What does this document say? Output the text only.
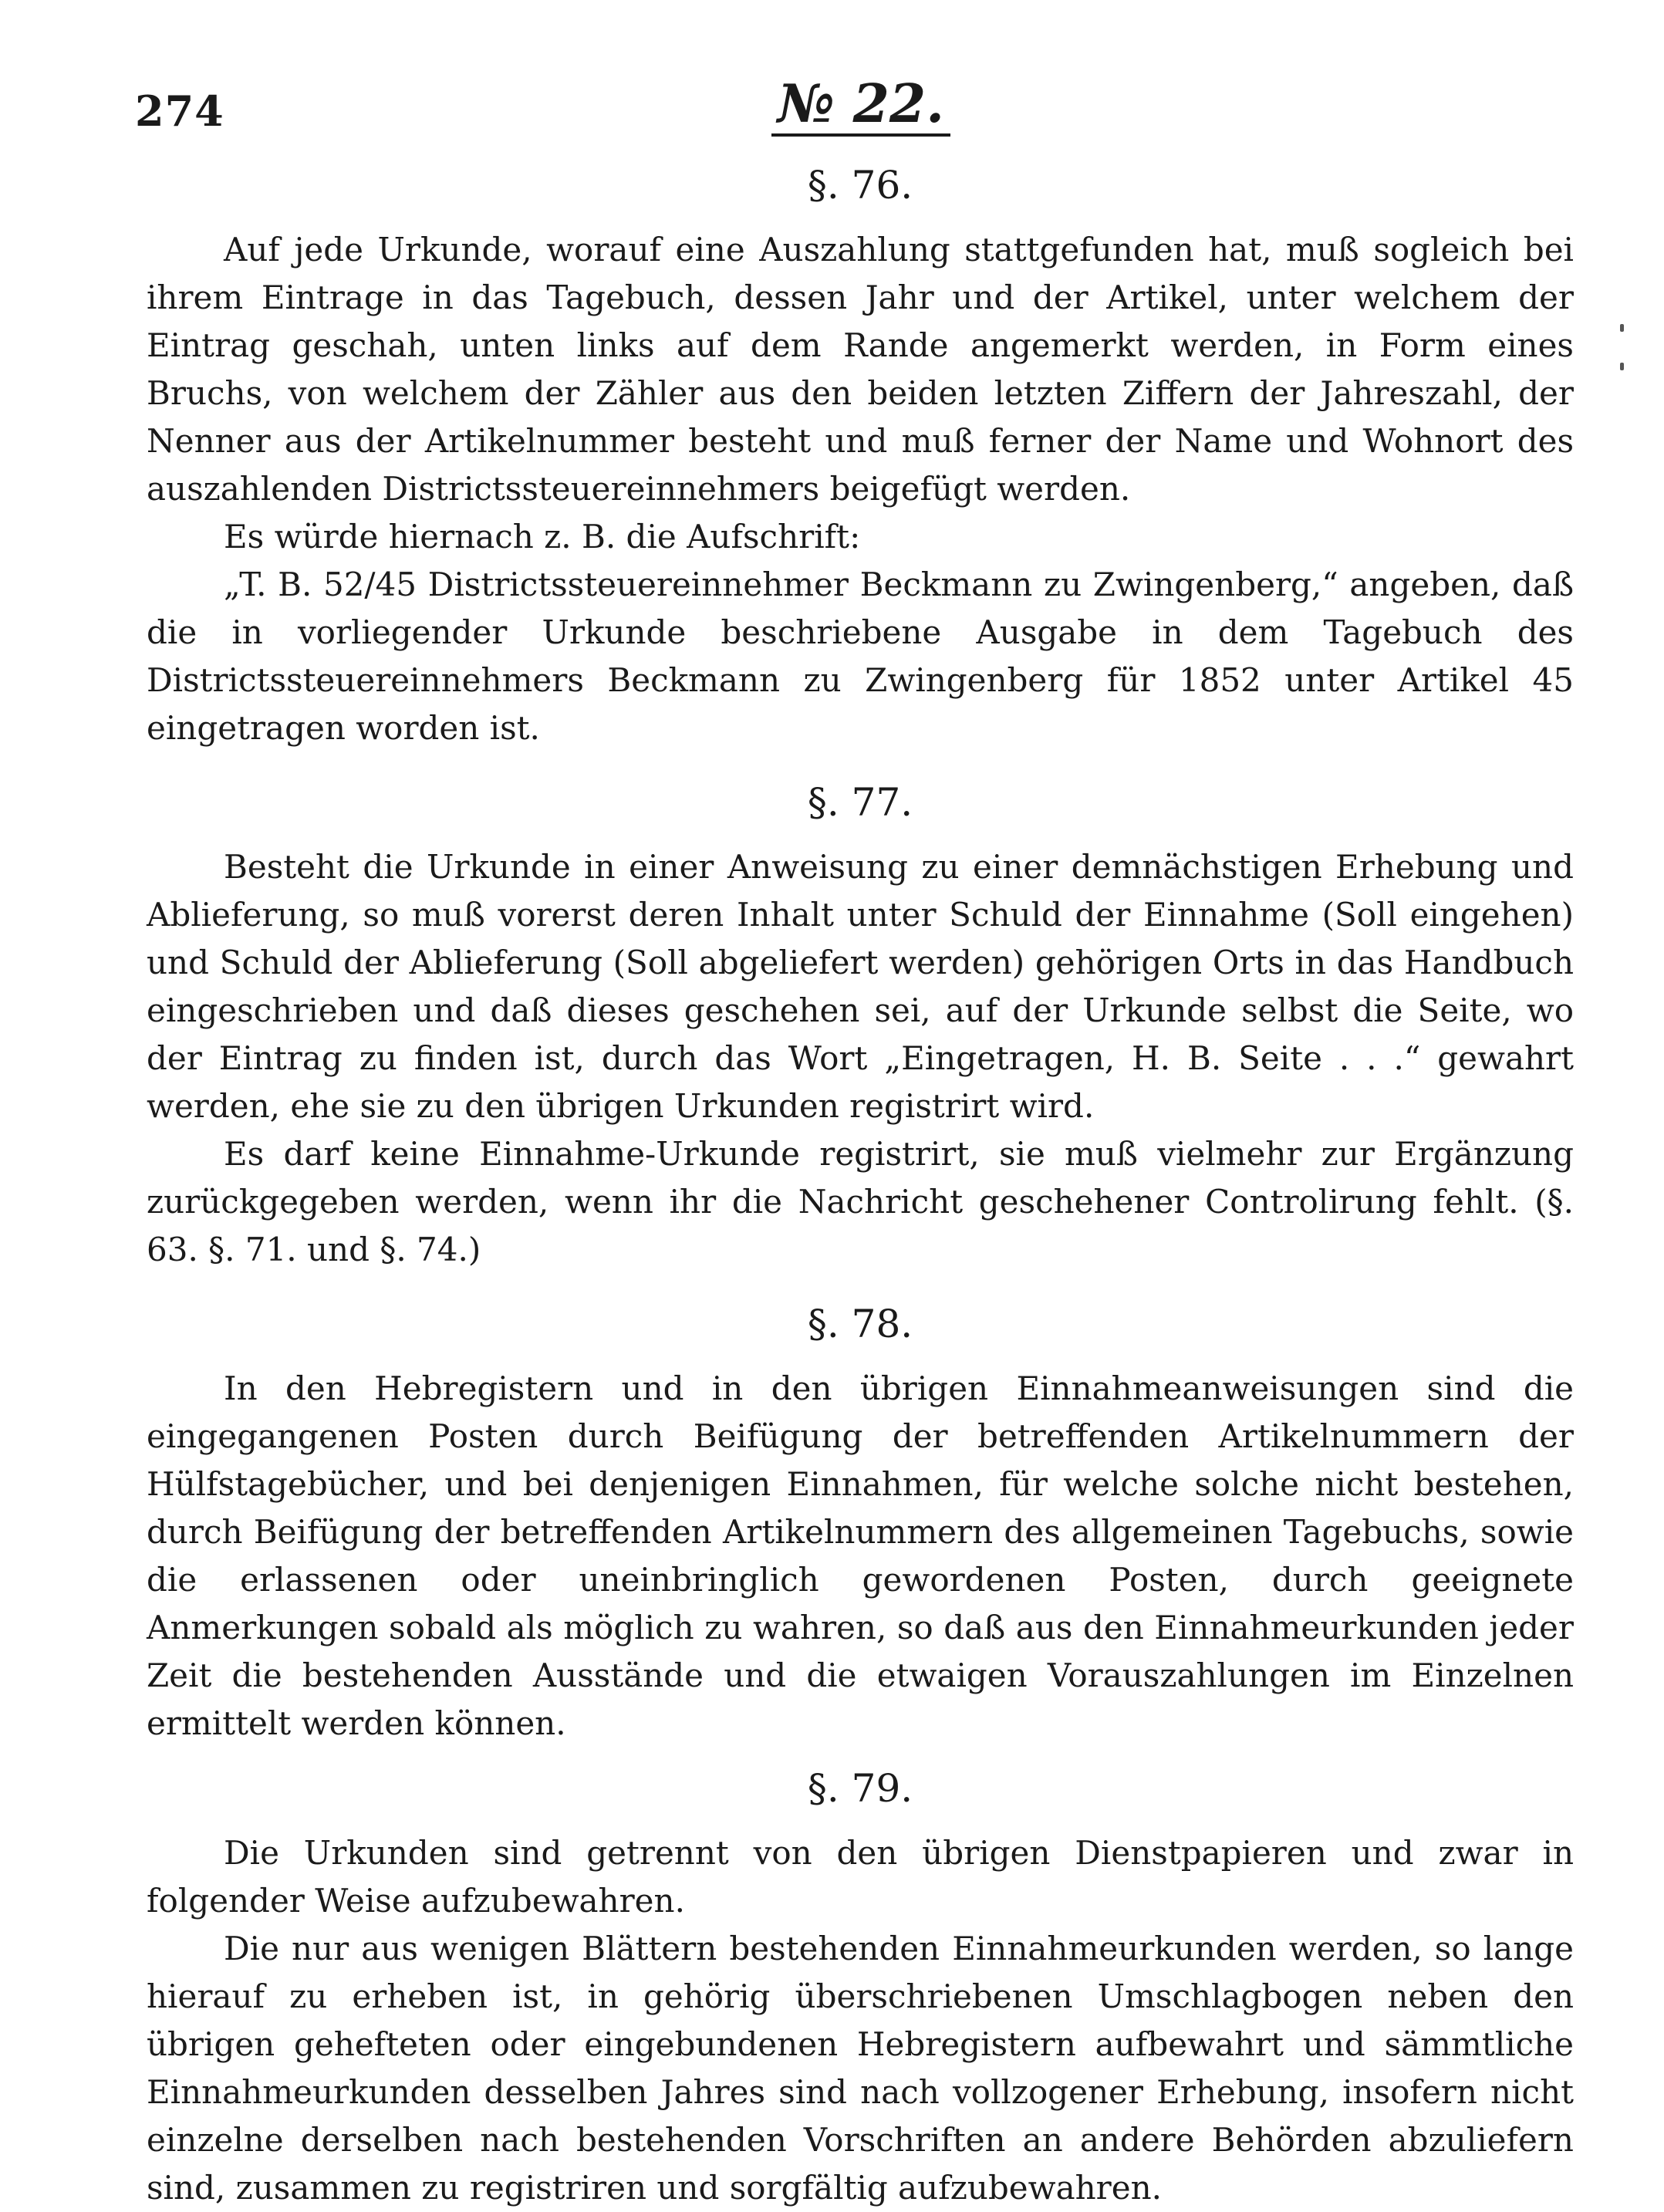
274	№ 22.
§. 76.

Auf jede Urkunde, worauf eine Auszahlung stattgefunden hat, muß sogleich bei ihrem Eintrage in das Tagebuch, dessen Jahr und der Artikel, unter welchem der Eintrag geschah, unten links auf dem Rande angemerkt werden, in Form eines Bruchs, von welchem der Zähler aus den beiden letzten Ziffern der Jahreszahl, der Nenner aus der Artikelnummer besteht und muß ferner der Name und Wohnort des auszahlenden Districtssteuereinnehmers beigefügt werden.

Es würde hiernach z. B. die Aufschrift:

„T. B. 52/45 Districtssteuereinnehmer Beckmann zu Zwingenberg,“ angeben, daß die in vorliegender Urkunde beschriebene Ausgabe in dem Tagebuch des Districtssteuereinnehmers Beckmann zu Zwingenberg für 1852 unter Artikel 45 eingetragen worden ist.

§. 77.

Besteht die Urkunde in einer Anweisung zu einer demnächstigen Erhebung und Ablieferung, so muß vorerst deren Inhalt unter Schuld der Einnahme (Soll eingehen) und Schuld der Ablieferung (Soll abgeliefert werden) gehörigen Orts in das Handbuch eingeschrieben und daß dieses geschehen sei, auf der Urkunde selbst die Seite, wo der Eintrag zu finden ist, durch das Wort „Eingetragen, H. B. Seite . . .“ gewahrt werden, ehe sie zu den übrigen Urkunden registrirt wird.

Es darf keine Einnahme-Urkunde registrirt, sie muß vielmehr zur Ergänzung zurückgegeben werden, wenn ihr die Nachricht geschehener Controlirung fehlt. (§. 63. §. 71. und §. 74.)

§. 78.

In den Hebregistern und in den übrigen Einnahmeanweisungen sind die eingegangenen Posten durch Beifügung der betreffenden Artikelnummern der Hülfstagebücher, und bei denjenigen Einnahmen, für welche solche nicht bestehen, durch Beifügung der betreffenden Artikelnummern des allgemeinen Tagebuchs, sowie die erlassenen oder uneinbringlich gewordenen Posten, durch geeignete Anmerkungen sobald als möglich zu wahren, so daß aus den Einnahmeurkunden jeder Zeit die bestehenden Ausstände und die etwaigen Vorauszahlungen im Einzelnen ermittelt werden können.

§. 79.

Die Urkunden sind getrennt von den übrigen Dienstpapieren und zwar in folgender Weise aufzubewahren.

Die nur aus wenigen Blättern bestehenden Einnahmeurkunden werden, so lange hierauf zu erheben ist, in gehörig überschriebenen Umschlagbogen neben den übrigen gehefteten oder eingebundenen Hebregistern aufbewahrt und sämmtliche Einnahmeurkunden desselben Jahres sind nach vollzogener Erhebung, insofern nicht einzelne derselben nach bestehenden Vorschriften an andere Behörden abzuliefern sind, zusammen zu registriren und sorgfältig aufzubewahren.
